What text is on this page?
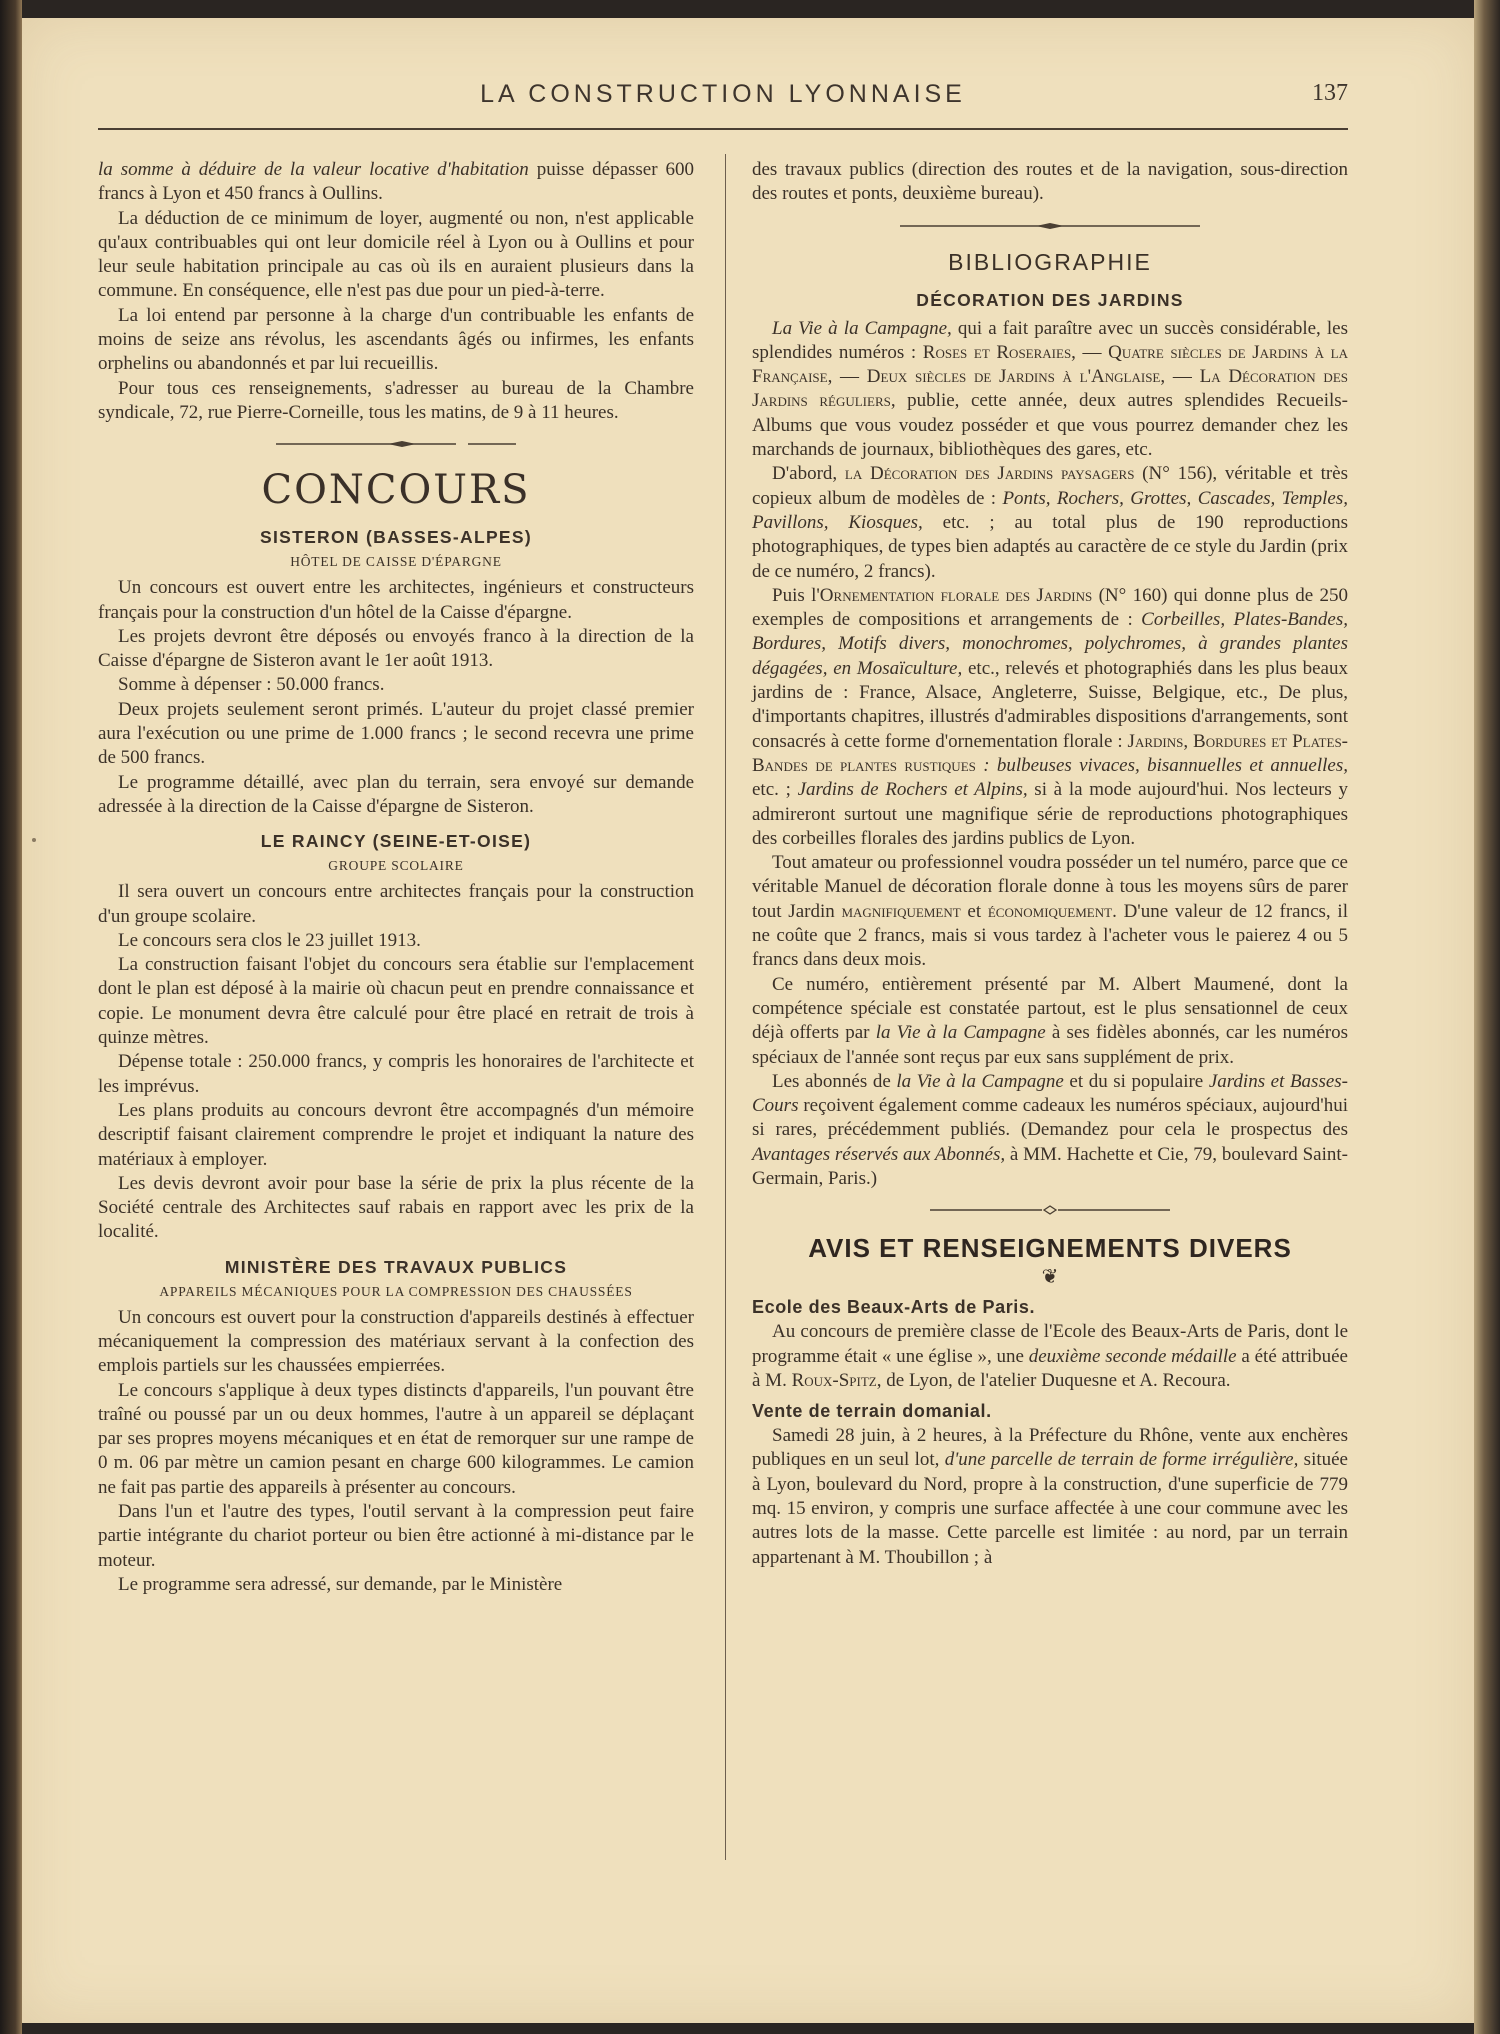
LA CONSTRUCTION LYONNAISE	137

la somme à déduire de la valeur locative d'habitation puisse dépasser 600 francs à Lyon et 450 francs à Oullins.

La déduction de ce minimum de loyer, augmenté ou non, n'est applicable qu'aux contribuables qui ont leur domicile réel à Lyon ou à Oullins et pour leur seule habitation principale au cas où ils en auraient plusieurs dans la commune. En conséquence, elle n'est pas due pour un pied-à-terre.

La loi entend par personne à la charge d'un contribuable les enfants de moins de seize ans révolus, les ascendants âgés ou infirmes, les enfants orphelins ou abandonnés et par lui recueillis.

Pour tous ces renseignements, s'adresser au bureau de la Chambre syndicale, 72, rue Pierre-Corneille, tous les matins, de 9 à 11 heures.

CONCOURS
SISTERON (BASSES-ALPES)
HÔTEL DE CAISSE D'ÉPARGNE

Un concours est ouvert entre les architectes, ingénieurs et constructeurs français pour la construction d'un hôtel de la Caisse d'épargne.

Les projets devront être déposés ou envoyés franco à la direction de la Caisse d'épargne de Sisteron avant le 1er août 1913.

Somme à dépenser : 50.000 francs.

Deux projets seulement seront primés. L'auteur du projet classé premier aura l'exécution ou une prime de 1.000 francs ; le second recevra une prime de 500 francs.

Le programme détaillé, avec plan du terrain, sera envoyé sur demande adressée à la direction de la Caisse d'épargne de Sisteron.

LE RAINCY (SEINE-ET-OISE)
GROUPE SCOLAIRE

Il sera ouvert un concours entre architectes français pour la construction d'un groupe scolaire.

Le concours sera clos le 23 juillet 1913.

La construction faisant l'objet du concours sera établie sur l'emplacement dont le plan est déposé à la mairie où chacun peut en prendre connaissance et copie. Le monument devra être calculé pour être placé en retrait de trois à quinze mètres.

Dépense totale : 250.000 francs, y compris les honoraires de l'architecte et les imprévus.

Les plans produits au concours devront être accompagnés d'un mémoire descriptif faisant clairement comprendre le projet et indiquant la nature des matériaux à employer.

Les devis devront avoir pour base la série de prix la plus récente de la Société centrale des Architectes sauf rabais en rapport avec les prix de la localité.

MINISTÈRE DES TRAVAUX PUBLICS
APPAREILS MÉCANIQUES POUR LA COMPRESSION DES CHAUSSÉES

Un concours est ouvert pour la construction d'appareils destinés à effectuer mécaniquement la compression des matériaux servant à la confection des emplois partiels sur les chaussées empierrées.

Le concours s'applique à deux types distincts d'appareils, l'un pouvant être traîné ou poussé par un ou deux hommes, l'autre à un appareil se déplaçant par ses propres moyens mécaniques et en état de remorquer sur une rampe de 0 m. 06 par mètre un camion pesant en charge 600 kilogrammes. Le camion ne fait pas partie des appareils à présenter au concours.

Dans l'un et l'autre des types, l'outil servant à la compression peut faire partie intégrante du chariot porteur ou bien être actionné à mi-distance par le moteur.

Le programme sera adressé, sur demande, par le Ministère

des travaux publics (direction des routes et de la navigation, sous-direction des routes et ponts, deuxième bureau).

BIBLIOGRAPHIE
DÉCORATION DES JARDINS

La Vie à la Campagne, qui a fait paraître avec un succès considérable, les splendides numéros : Roses et Roseraies, — Quatre siècles de Jardins à la Française, — Deux siècles de Jardins à l'Anglaise, — La Décoration des Jardins réguliers, publie, cette année, deux autres splendides Recueils-Albums que vous voudez posséder et que vous pourrez demander chez les marchands de journaux, bibliothèques des gares, etc.

D'abord, la Décoration des Jardins paysagers (N° 156), véritable et très copieux album de modèles de : Ponts, Rochers, Grottes, Cascades, Temples, Pavillons, Kiosques, etc. ; au total plus de 190 reproductions photographiques, de types bien adaptés au caractère de ce style du Jardin (prix de ce numéro, 2 francs).

Puis l'Ornementation florale des Jardins (N° 160) qui donne plus de 250 exemples de compositions et arrangements de : Corbeilles, Plates-Bandes, Bordures, Motifs divers, monochromes, polychromes, à grandes plantes dégagées, en Mosaïculture, etc., relevés et photographiés dans les plus beaux jardins de : France, Alsace, Angleterre, Suisse, Belgique, etc., De plus, d'importants chapitres, illustrés d'admirables dispositions d'arrangements, sont consacrés à cette forme d'ornementation florale : Jardins, Bordures et Plates-Bandes de plantes rustiques : bulbeuses vivaces, bisannuelles et annuelles, etc. ; Jardins de Rochers et Alpins, si à la mode aujourd'hui. Nos lecteurs y admireront surtout une magnifique série de reproductions photographiques des corbeilles florales des jardins publics de Lyon.

Tout amateur ou professionnel voudra posséder un tel numéro, parce que ce véritable Manuel de décoration florale donne à tous les moyens sûrs de parer tout Jardin magnifiquement et économiquement. D'une valeur de 12 francs, il ne coûte que 2 francs, mais si vous tardez à l'acheter vous le paierez 4 ou 5 francs dans deux mois.

Ce numéro, entièrement présenté par M. Albert Maumené, dont la compétence spéciale est constatée partout, est le plus sensationnel de ceux déjà offerts par la Vie à la Campagne à ses fidèles abonnés, car les numéros spéciaux de l'année sont reçus par eux sans supplément de prix.

Les abonnés de la Vie à la Campagne et du si populaire Jardins et Basses-Cours reçoivent également comme cadeaux les numéros spéciaux, aujourd'hui si rares, précédemment publiés. (Demandez pour cela le prospectus des Avantages réservés aux Abonnés, à MM. Hachette et Cie, 79, boulevard Saint-Germain, Paris.)

AVIS ET RENSEIGNEMENTS DIVERS
❦
Ecole des Beaux-Arts de Paris.

Au concours de première classe de l'Ecole des Beaux-Arts de Paris, dont le programme était « une église », une deuxième seconde médaille a été attribuée à M. Roux-Spitz, de Lyon, de l'atelier Duquesne et A. Recoura.

Vente de terrain domanial.

Samedi 28 juin, à 2 heures, à la Préfecture du Rhône, vente aux enchères publiques en un seul lot, d'une parcelle de terrain de forme irrégulière, située à Lyon, boulevard du Nord, propre à la construction, d'une superficie de 779 mq. 15 environ, y compris une surface affectée à une cour commune avec les autres lots de la masse. Cette parcelle est limitée : au nord, par un terrain appartenant à M. Thoubillon ; à
